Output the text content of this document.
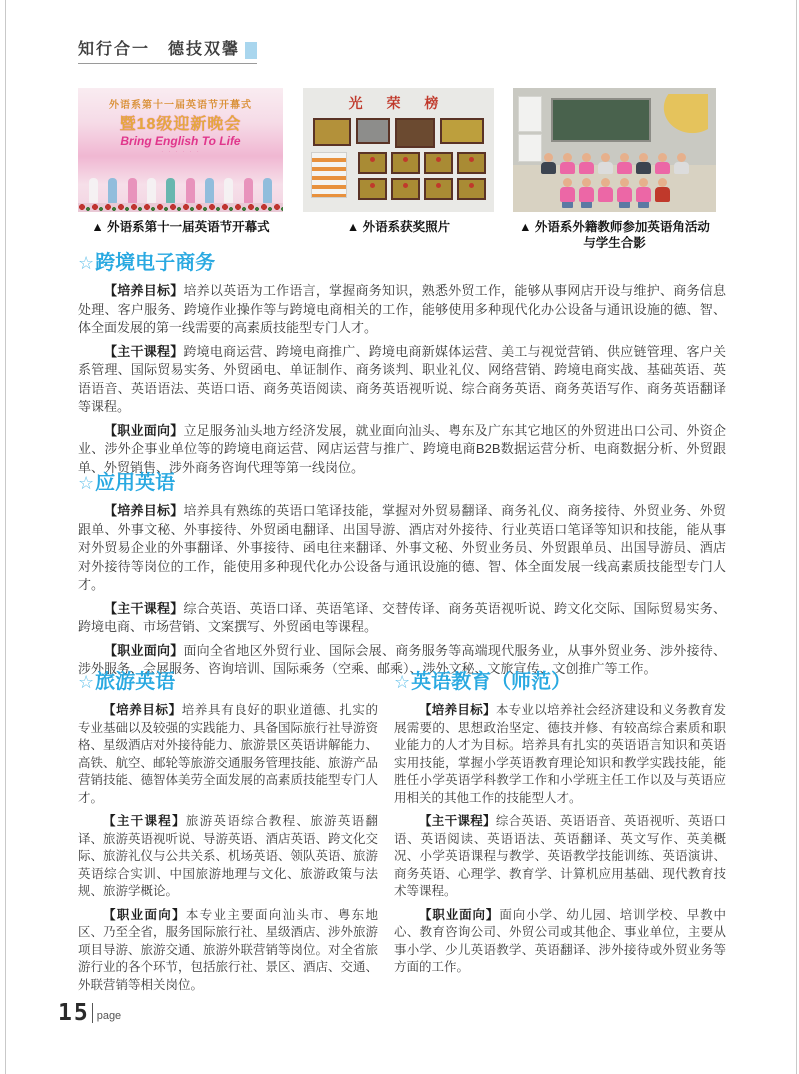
知行合一　德技双馨
外语系第十一届英语节开幕式
暨18级迎新晚会
Bring English To Life
・ ・ ・ ・ ・ ・
▲ 外语系第十一届英语节开幕式
光 荣 榜
▲ 外语系获奖照片	▲ 外语系外籍教师参加英语角活动
与学生合影
☆跨境电子商务

【培养目标】培养以英语为工作语言，掌握商务知识，熟悉外贸工作，能够从事网店开设与维护、商务信息处理、客户服务、跨境作业操作等与跨境电商相关的工作，能够使用多种现代化办公设备与通讯设施的德、智、体全面发展的第一线需要的高素质技能型专门人才。

【主干课程】跨境电商运营、跨境电商推广、跨境电商新媒体运营、美工与视觉营销、供应链管理、客户关系管理、国际贸易实务、外贸函电、单证制作、商务谈判、职业礼仪、网络营销、跨境电商实战、基础英语、英语语音、英语语法、英语口语、商务英语阅读、商务英语视听说、综合商务英语、商务英语写作、商务英语翻译等课程。

【职业面向】立足服务汕头地方经济发展，就业面向汕头、粤东及广东其它地区的外贸进出口公司、外资企业、涉外企事业单位等的跨境电商运营、网店运营与推广、跨境电商B2B数据运营分析、电商数据分析、外贸跟单、外贸销售、涉外商务咨询代理等第一线岗位。

☆应用英语

【培养目标】培养具有熟练的英语口笔译技能，掌握对外贸易翻译、商务礼仪、商务接待、外贸业务、外贸跟单、外事文秘、外事接待、外贸函电翻译、出国导游、酒店对外接待、行业英语口笔译等知识和技能，能从事对外贸易企业的外事翻译、外事接待、函电往来翻译、外事文秘、外贸业务员、外贸跟单员、出国导游员、酒店对外接待等岗位的工作，能使用多种现代化办公设备与通讯设施的德、智、体全面发展一线高素质技能型专门人才。

【主干课程】综合英语、英语口译、英语笔译、交替传译、商务英语视听说、跨文化交际、国际贸易实务、跨境电商、市场营销、文案撰写、外贸函电等课程。

【职业面向】面向全省地区外贸行业、国际会展、商务服务等高端现代服务业，从事外贸业务、涉外接待、涉外服务、会展服务、咨询培训、国际乘务（空乘、邮乘）、涉外文秘、文旅宣传、文创推广等工作。

☆旅游英语

【培养目标】培养具有良好的职业道德、扎实的专业基础以及较强的实践能力、具备国际旅行社导游资格、星级酒店对外接待能力、旅游景区英语讲解能力、高铁、航空、邮轮等旅游交通服务管理技能、旅游产品营销技能、德智体美劳全面发展的高素质技能型专门人才。

【主干课程】旅游英语综合教程、旅游英语翻译、旅游英语视听说、导游英语、酒店英语、跨文化交际、旅游礼仪与公共关系、机场英语、领队英语、旅游英语综合实训、中国旅游地理与文化、旅游政策与法规、旅游学概论。

【职业面向】本专业主要面向汕头市、粤东地区、乃至全省，服务国际旅行社、星级酒店、涉外旅游项目导游、旅游交通、旅游外联营销等岗位。对全省旅游行业的各个环节，包括旅行社、景区、酒店、交通、外联营销等相关岗位。

☆英语教育（师范）

【培养目标】本专业以培养社会经济建设和义务教育发展需要的、思想政治坚定、德技并修、有较高综合素质和职业能力的人才为目标。培养具有扎实的英语语言知识和英语实用技能，掌握小学英语教育理论知识和教学实践技能，能胜任小学英语学科教学工作和小学班主任工作以及与英语应用相关的其他工作的技能型人才。

【主干课程】综合英语、英语语音、英语视听、英语口语、英语阅读、英语语法、英语翻译、英文写作、英美概况、小学英语课程与教学、英语教学技能训练、英语演讲、商务英语、心理学、教育学、计算机应用基础、现代教育技术等课程。

【职业面向】面向小学、幼儿园、培训学校、早教中心、教育咨询公司、外贸公司或其他企、事业单位，主要从事小学、少儿英语教学、英语翻译、涉外接待或外贸业务等方面的工作。

15 page
